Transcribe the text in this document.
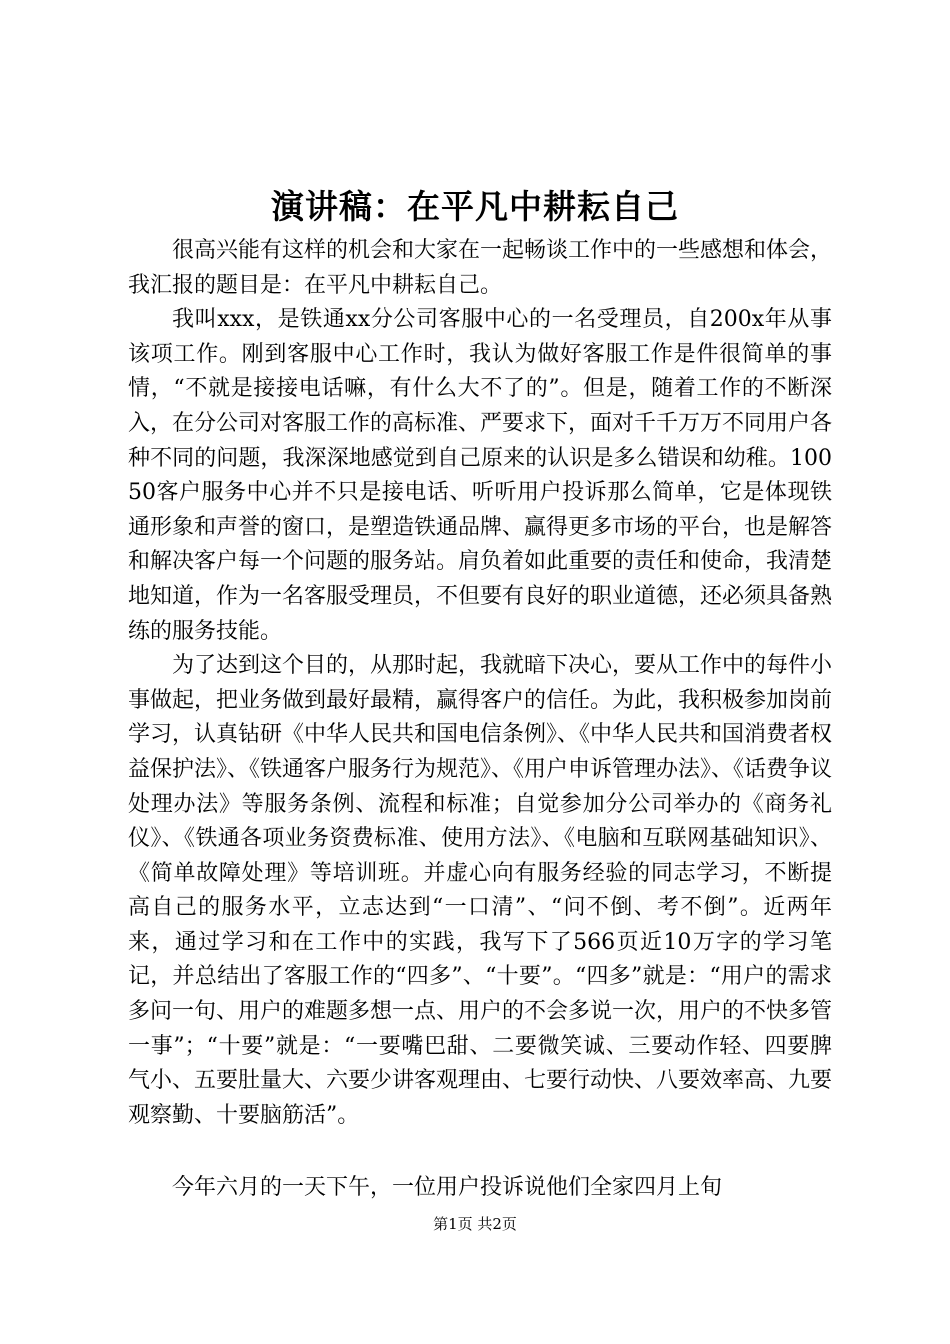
演讲稿：在平凡中耕耘自己

很高兴能有这样的机会和大家在一起畅谈工作中的一些感想和体会，我汇报的题目是：在平凡中耕耘自己。

我叫xxx，是铁通xx分公司客服中心的一名受理员，自200x年从事该项工作。刚到客服中心工作时，我认为做好客服工作是件很简单的事情，“不就是接接电话嘛，有什么大不了的”。但是，随着工作的不断深入，在分公司对客服工作的高标准、严要求下，面对千千万万不同用户各种不同的问题，我深深地感觉到自己原来的认识是多么错误和幼稚。10050客户服务中心并不只是接电话、听听用户投诉那么简单，它是体现铁通形象和声誉的窗口，是塑造铁通品牌、赢得更多市场的平台，也是解答和解决客户每一个问题的服务站。肩负着如此重要的责任和使命，我清楚地知道，作为一名客服受理员，不但要有良好的职业道德，还必须具备熟练的服务技能。

为了达到这个目的，从那时起，我就暗下决心，要从工作中的每件小事做起，把业务做到最好最精，赢得客户的信任。为此，我积极参加岗前学习，认真钻研《中华人民共和国电信条例》、《中华人民共和国消费者权益保护法》、《铁通客户服务行为规范》、《用户申诉管理办法》、《话费争议处理办法》等服务条例、流程和标准；自觉参加分公司举办的《商务礼仪》、《铁通各项业务资费标准、使用方法》、《电脑和互联网基础知识》、《简单故障处理》等培训班。并虚心向有服务经验的同志学习，不断提高自己的服务水平，立志达到“一口清”、“问不倒、考不倒”。近两年来，通过学习和在工作中的实践，我写下了566页近10万字的学习笔记，并总结出了客服工作的“四多”、“十要”。“四多”就是：“用户的需求多问一句、用户的难题多想一点、用户的不会多说一次，用户的不快多管一事”；“十要”就是：“一要嘴巴甜、二要微笑诚、三要动作轻、四要脾气小、五要肚量大、六要少讲客观理由、七要行动快、八要效率高、九要观察勤、十要脑筋活”。

今年六月的一天下午，一位用户投诉说他们全家四月上旬

第1页 共2页
